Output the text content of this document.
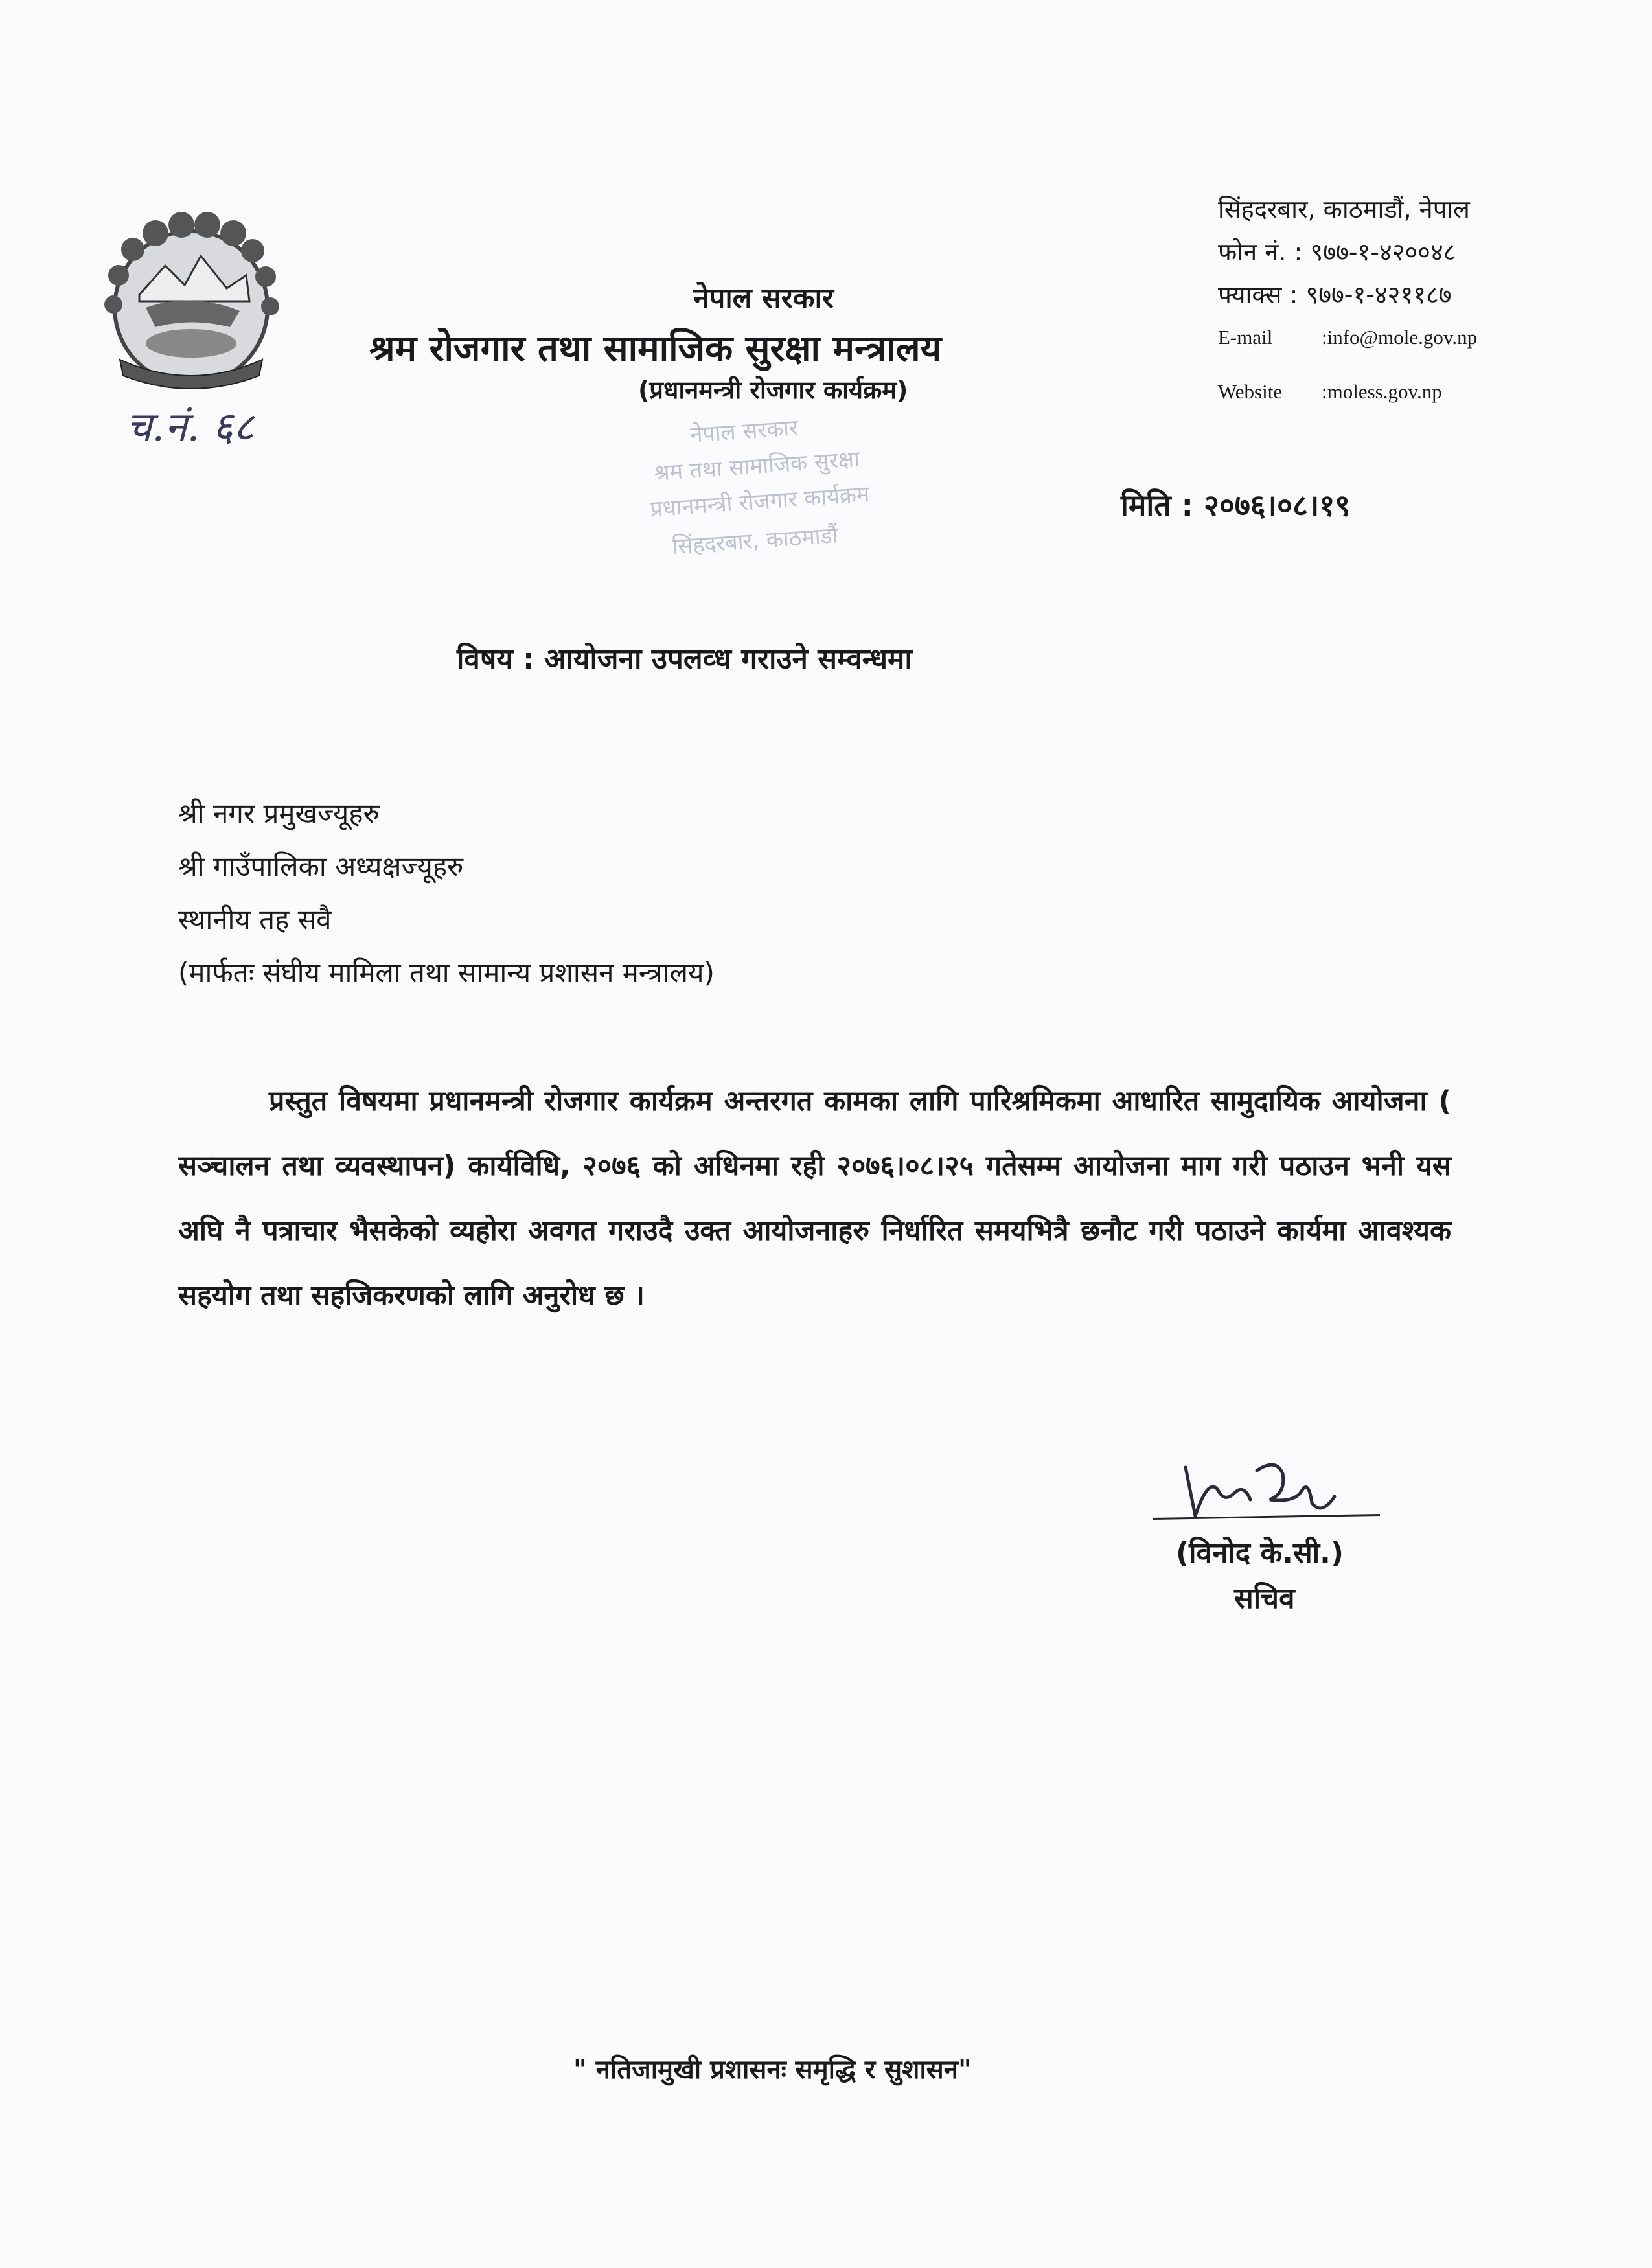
नेपाल सरकार
श्रम रोजगार तथा सामाजिक सुरक्षा मन्त्रालय
(प्रधानमन्त्री रोजगार कार्यक्रम)
नेपाल सरकार
श्रम तथा सामाजिक सुरक्षा
प्रधानमन्त्री रोजगार कार्यक्रम
सिंहदरबार, काठमाडौं
सिंहदरबार, काठमाडौं, नेपाल
फोन नं. : ९७७-१-४२००४८
फ्याक्स : ९७७-१-४२११८७
E-mail	:info@mole.gov.np
Website	:moless.gov.np
च.नं. ६८
मिति : २०७६।०८।१९
विषय : आयोजना उपलव्ध गराउने सम्वन्धमा
श्री नगर प्रमुखज्यूहरु
श्री गाउँपालिका अध्यक्षज्यूहरु
स्थानीय तह सवै
(मार्फतः संघीय मामिला तथा सामान्य प्रशासन मन्त्रालय)
प्रस्तुत विषयमा प्रधानमन्त्री रोजगार कार्यक्रम अन्तरगत कामका लागि पारिश्रमिकमा आधारित सामुदायिक आयोजना ( सञ्चालन तथा व्यवस्थापन) कार्यविधि, २०७६ को अधिनमा रही २०७६।०८।२५ गतेसम्म आयोजना माग गरी पठाउन भनी यस अघि नै पत्राचार भैसकेको व्यहोरा अवगत गराउदै उक्त आयोजनाहरु निर्धारित समयभित्रै छनौट गरी पठाउने कार्यमा आवश्यक सहयोग तथा सहजिकरणको लागि अनुरोध छ ।
(विनोद के.सी.)
सचिव
" नतिजामुखी प्रशासनः समृद्धि र सुशासन"
